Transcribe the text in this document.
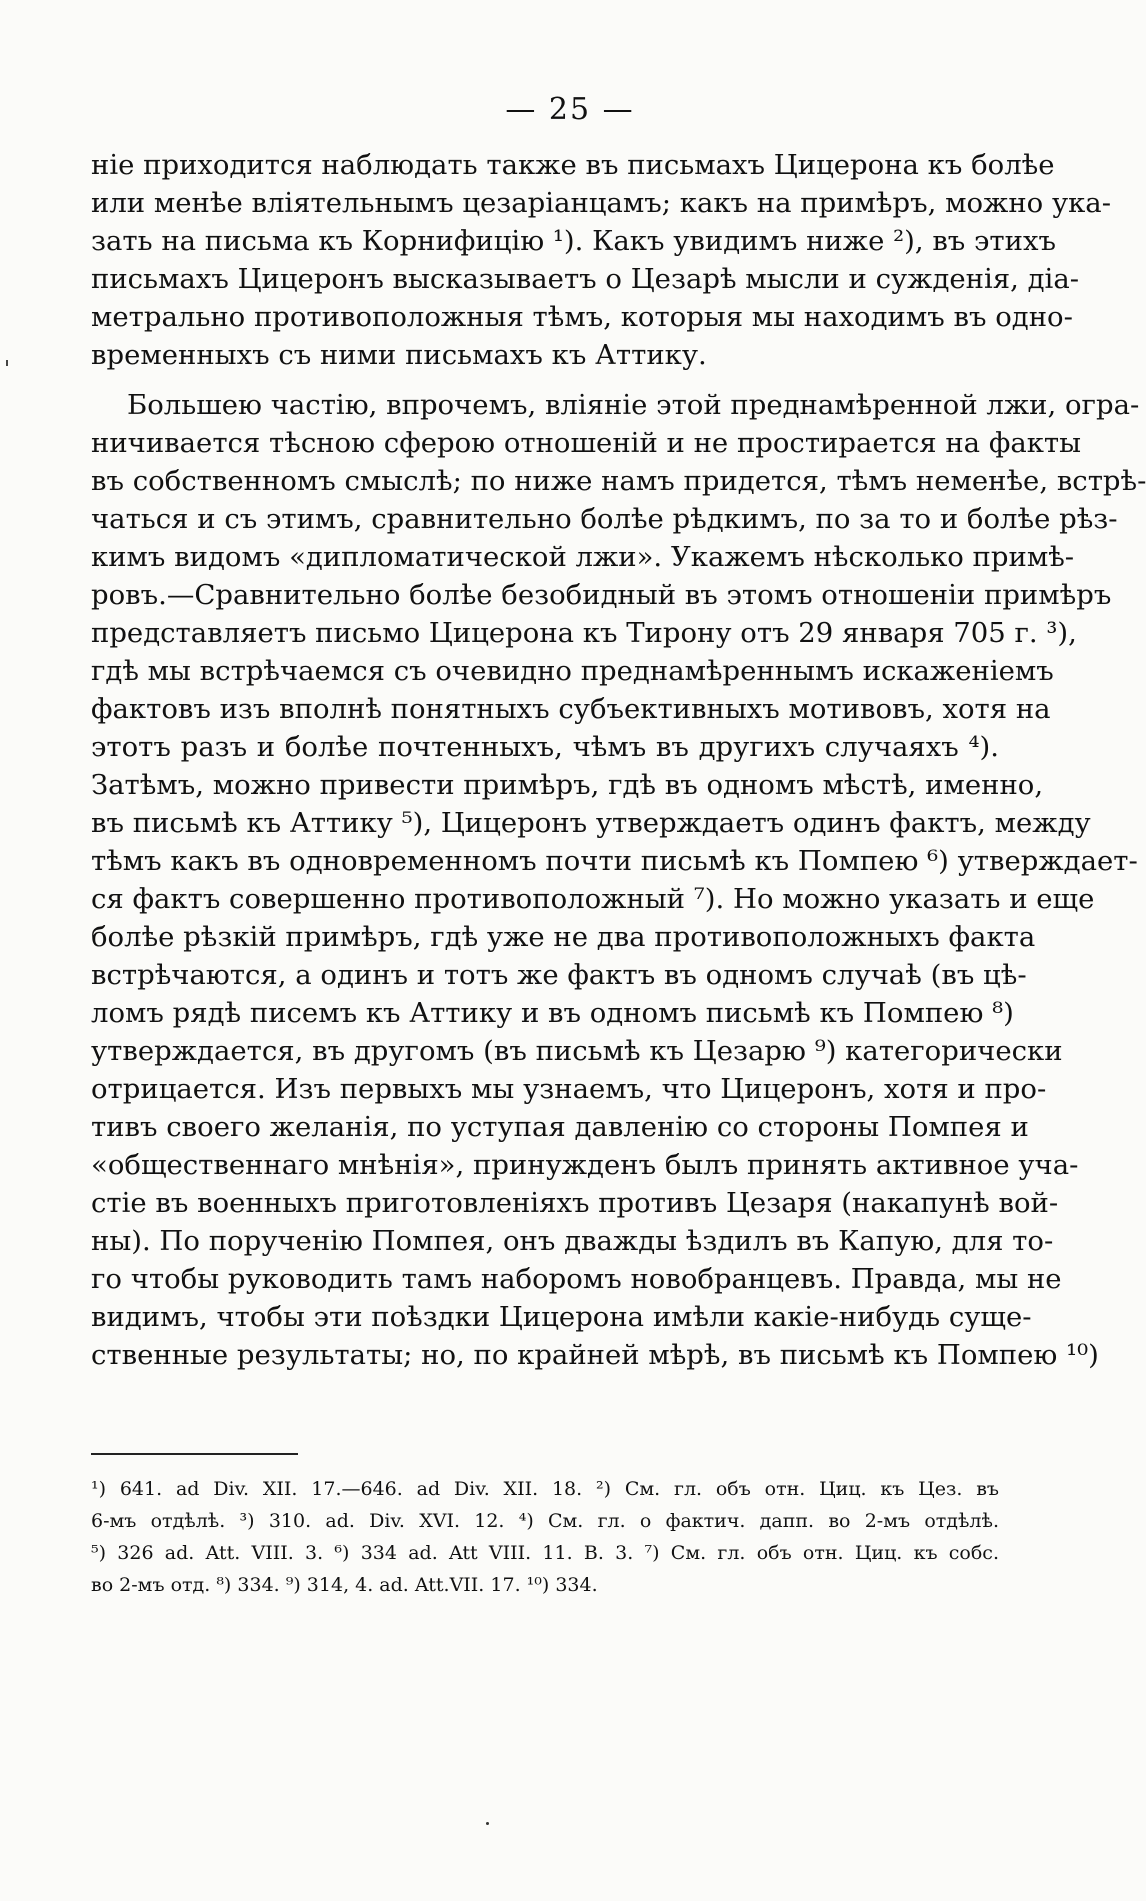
— 25 —
ніе приходится наблюдать также въ письмахъ Цицерона къ болѣе
или менѣе вліятельнымъ цезаріанцамъ; какъ на примѣръ, можно ука-
зать на письма къ Корнифицію ¹). Какъ увидимъ ниже ²), въ этихъ
письмахъ Цицеронъ высказываетъ о Цезарѣ мысли и сужденія, діа-
метрально противоположныя тѣмъ, которыя мы находимъ въ одно-
временныхъ съ ними письмахъ къ Аттику.
Большею частію, впрочемъ, вліяніе этой преднамѣренной лжи, огра-
ничивается тѣсною сферою отношеній и не простирается на факты
въ собственномъ смыслѣ; по ниже намъ придется, тѣмъ неменѣе, встрѣ-
чаться и съ этимъ, сравнительно болѣе рѣдкимъ, по за то и болѣе рѣз-
кимъ видомъ «дипломатической лжи». Укажемъ нѣсколько примѣ-
ровъ.—Сравнительно болѣе безобидный въ этомъ отношеніи примѣръ
представляетъ письмо Цицерона къ Тирону отъ 29 января 705 г. ³),
гдѣ мы встрѣчаемся съ очевидно преднамѣреннымъ искаженіемъ
фактовъ изъ вполнѣ понятныхъ субъективныхъ мотивовъ, хотя на
этотъ разъ и болѣе почтенныхъ, чѣмъ въ другихъ случаяхъ ⁴).
Затѣмъ, можно привести примѣръ, гдѣ въ одномъ мѣстѣ, именно,
въ письмѣ къ Аттику ⁵), Цицеронъ утверждаетъ одинъ фактъ, между
тѣмъ какъ въ одновременномъ почти письмѣ къ Помпею ⁶) утверждает-
ся фактъ совершенно противоположный ⁷). Но можно указать и еще
болѣе рѣзкій примѣръ, гдѣ уже не два противоположныхъ факта
встрѣчаются, а одинъ и тотъ же фактъ въ одномъ случаѣ (въ цѣ-
ломъ рядѣ писемъ къ Аттику и въ одномъ письмѣ къ Помпею ⁸)
утверждается, въ другомъ (въ письмѣ къ Цезарю ⁹) категорически
отрицается. Изъ первыхъ мы узнаемъ, что Цицеронъ, хотя и про-
тивъ своего желанія, по уступая давленію со стороны Помпея и
«общественнаго мнѣнія», принужденъ былъ принять активное уча-
стіе въ военныхъ приготовленіяхъ противъ Цезаря (накапунѣ вой-
ны). По порученію Помпея, онъ дважды ѣздилъ въ Капую, для то-
го чтобы руководить тамъ наборомъ новобранцевъ. Правда, мы не
видимъ, чтобы эти поѣздки Цицерона имѣли какіе-нибудь суще-
ственные результаты; но, по крайней мѣрѣ, въ письмѣ къ Помпею ¹⁰)
¹) 641. ad Div. XII. 17.—646. ad Div. XII. 18. ²) См. гл. объ отн. Циц. къ Цез. въ
6-мъ отдѣлѣ. ³) 310. ad. Div. XVI. 12. ⁴) См. гл. о фактич. дапп. во 2-мъ отдѣлѣ.
⁵) 326 ad. Att. VIII. 3. ⁶) 334 ad. Att VIII. 11. B. 3. ⁷) См. гл. объ отн. Циц. къ собс.
во 2-мъ отд. ⁸) 334. ⁹) 314, 4. ad. Att.VII. 17. ¹⁰) 334.
